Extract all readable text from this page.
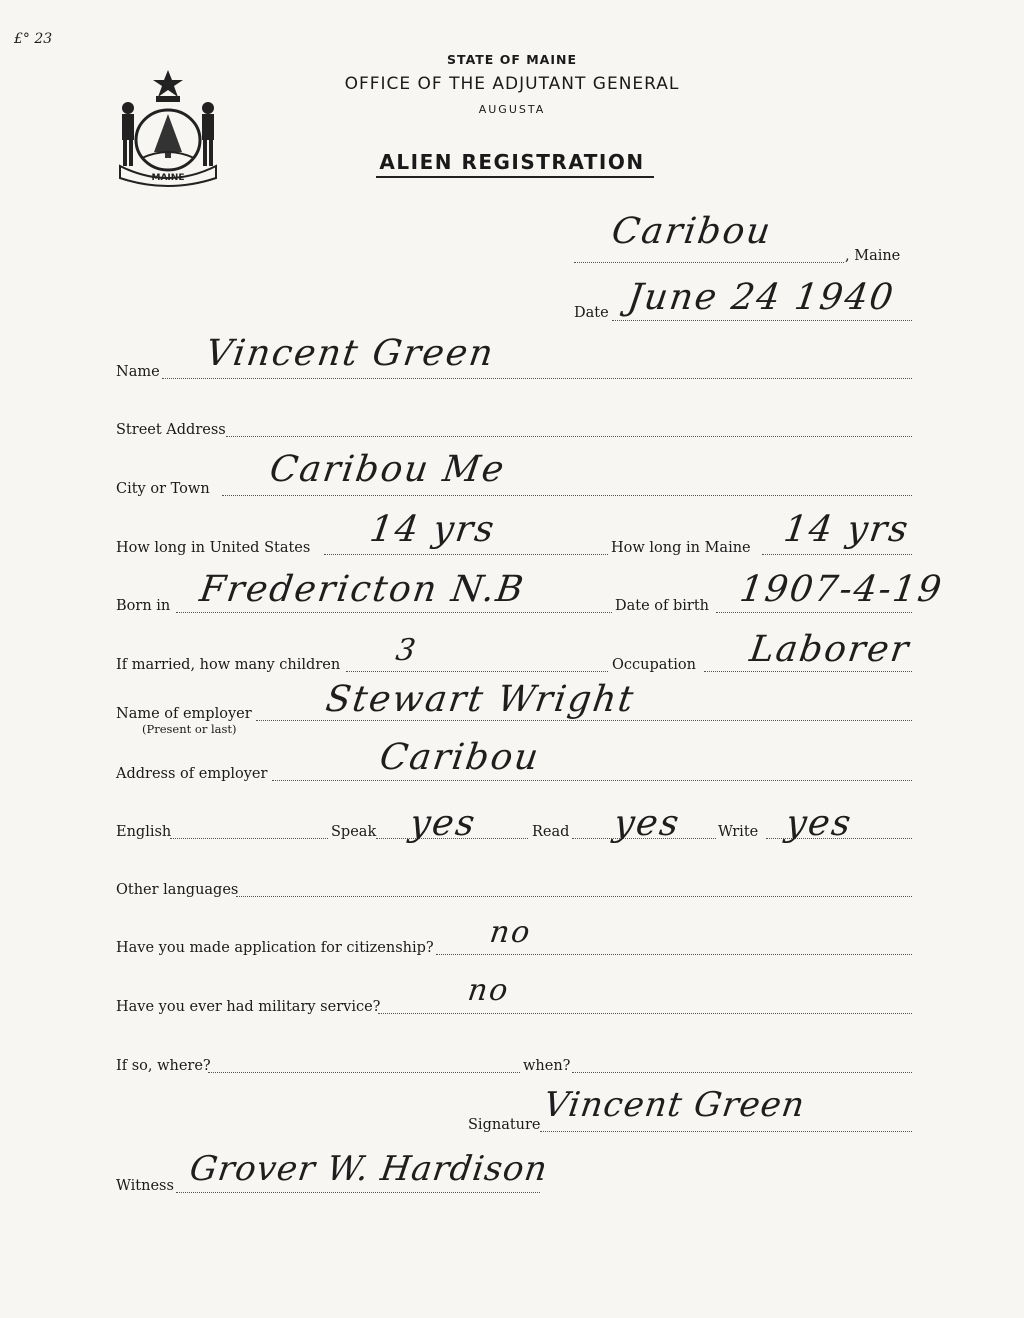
£° 23
MAINE
STATE OF MAINE
OFFICE OF THE ADJUTANT GENERAL
AUGUSTA
ALIEN REGISTRATION
Caribou
, Maine
Date June 24 1940
Name Vincent Green
Street Address
City or Town Caribou Me
How long in United States 14 yrs	How long in Maine 14 yrs
Born in Fredericton N.B	Date of birth 1907-4-19
If married, how many children 3	Occupation Laborer
Name of employer
(Present or last)
Stewart Wright
Address of employer	Caribou
English	Speak yes	Read yes Write yes
Other languages
Have you made application for citizenship? no
Have you ever had military service?	no
If so, where?	when?
Signature Vincent Green
Witness Grover W. Hardison
